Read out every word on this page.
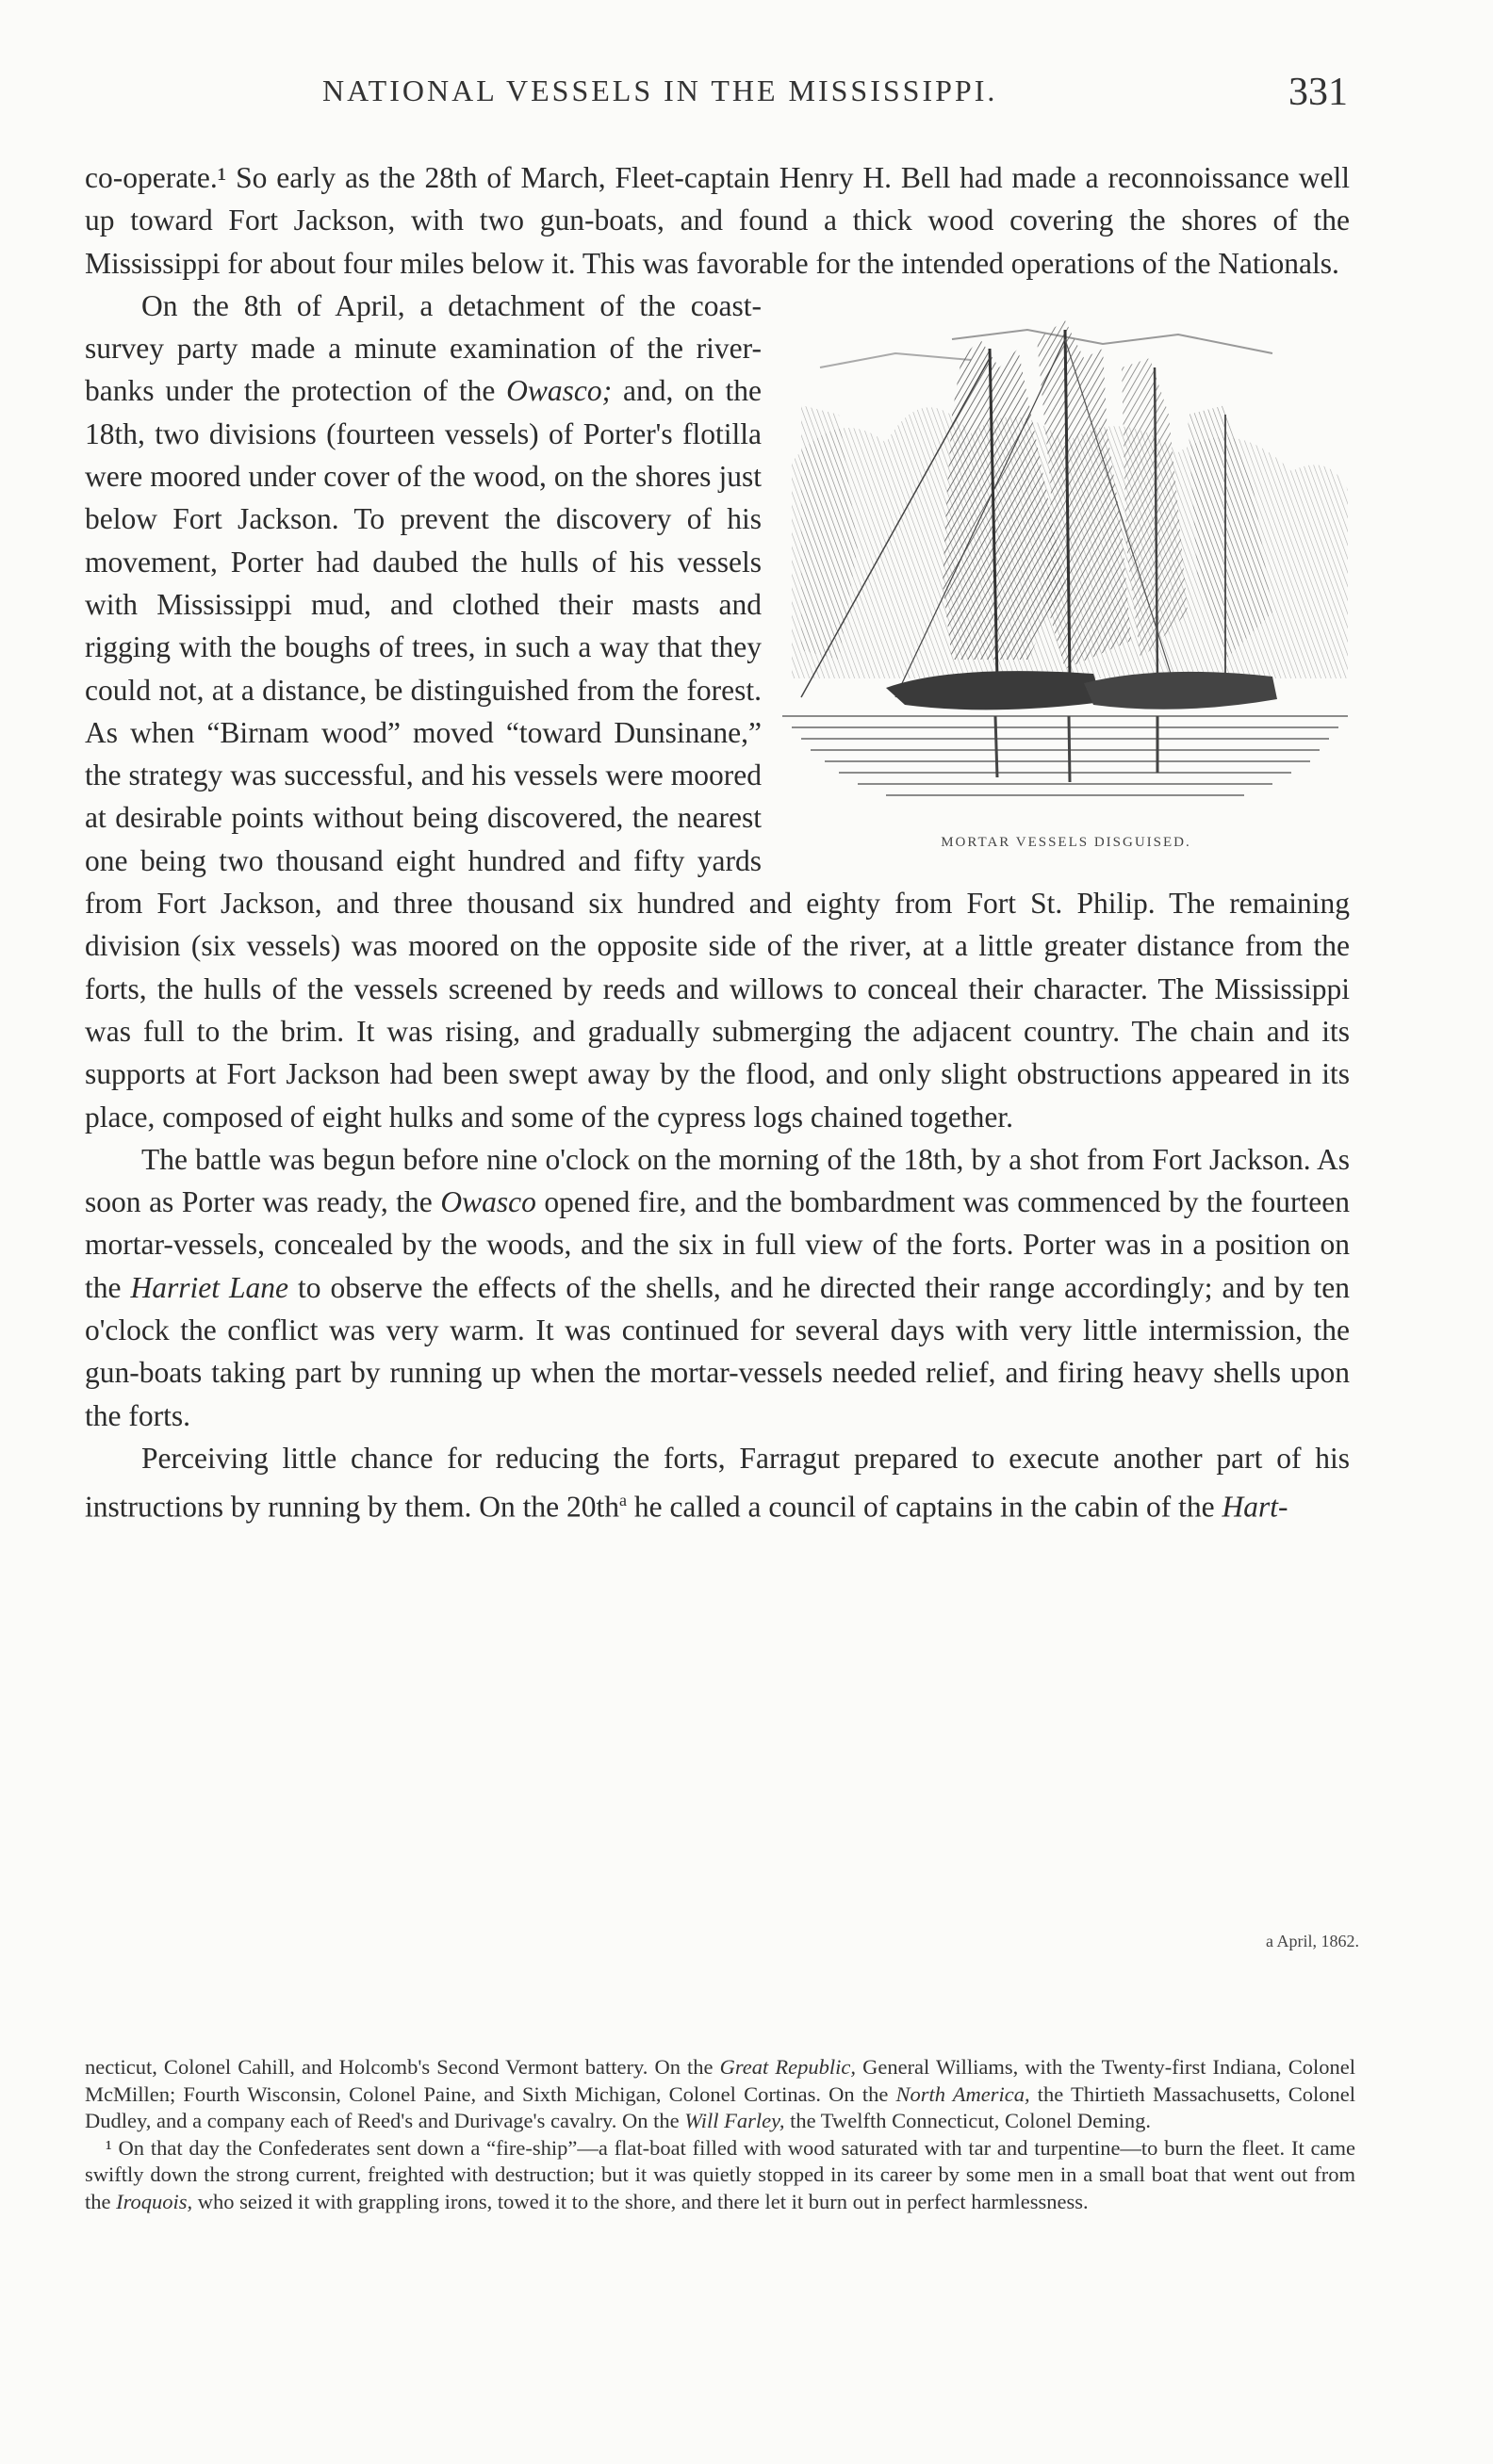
NATIONAL VESSELS IN THE MISSISSIPPI.	331

co-operate.¹ So early as the 28th of March, Fleet-captain Henry H. Bell had made a reconnoissance well up toward Fort Jackson, with two gun-boats, and found a thick wood covering the shores of the Mississippi for about four miles below it. This was favorable for the intended operations of the Nationals.

MORTAR VESSELS DISGUISED.

On the 8th of April, a detachment of the coast-survey party made a minute examination of the river-banks under the protection of the Owasco; and, on the 18th, two divisions (fourteen vessels) of Porter's flotilla were moored under cover of the wood, on the shores just below Fort Jackson. To prevent the discovery of his movement, Porter had daubed the hulls of his vessels with Mississippi mud, and clothed their masts and rigging with the boughs of trees, in such a way that they could not, at a distance, be distinguished from the forest. As when “Birnam wood” moved “toward Dunsinane,” the strategy was successful, and his vessels were moored at desirable points without being discovered, the nearest one being two thousand eight hundred and fifty yards from Fort Jackson, and three thousand six hundred and eighty from Fort St. Philip. The remaining division (six vessels) was moored on the opposite side of the river, at a little greater distance from the forts, the hulls of the vessels screened by reeds and willows to conceal their character. The Mississippi was full to the brim. It was rising, and gradually submerging the adjacent country. The chain and its supports at Fort Jackson had been swept away by the flood, and only slight obstructions appeared in its place, composed of eight hulks and some of the cypress logs chained together.

The battle was begun before nine o'clock on the morning of the 18th, by a shot from Fort Jackson. As soon as Porter was ready, the Owasco opened fire, and the bombardment was commenced by the fourteen mortar-vessels, concealed by the woods, and the six in full view of the forts. Porter was in a position on the Harriet Lane to observe the effects of the shells, and he directed their range accordingly; and by ten o'clock the conflict was very warm. It was continued for several days with very little intermission, the gun-boats taking part by running up when the mortar-vessels needed relief, and firing heavy shells upon the forts.

Perceiving little chance for reducing the forts, Farragut prepared to execute another part of his instructions by running by them. On the $20th^a$ he called a council of captains in the cabin of the Hart-

a April, 1862.

necticut, Colonel Cahill, and Holcomb's Second Vermont battery. On the Great Republic, General Williams, with the Twenty-first Indiana, Colonel McMillen; Fourth Wisconsin, Colonel Paine, and Sixth Michigan, Colonel Cortinas. On the North America, the Thirtieth Massachusetts, Colonel Dudley, and a company each of Reed's and Durivage's cavalry. On the Will Farley, the Twelfth Connecticut, Colonel Deming.

¹ On that day the Confederates sent down a “fire-ship”—a flat-boat filled with wood saturated with tar and turpentine—to burn the fleet. It came swiftly down the strong current, freighted with destruction; but it was quietly stopped in its career by some men in a small boat that went out from the Iroquois, who seized it with grappling irons, towed it to the shore, and there let it burn out in perfect harmlessness.
